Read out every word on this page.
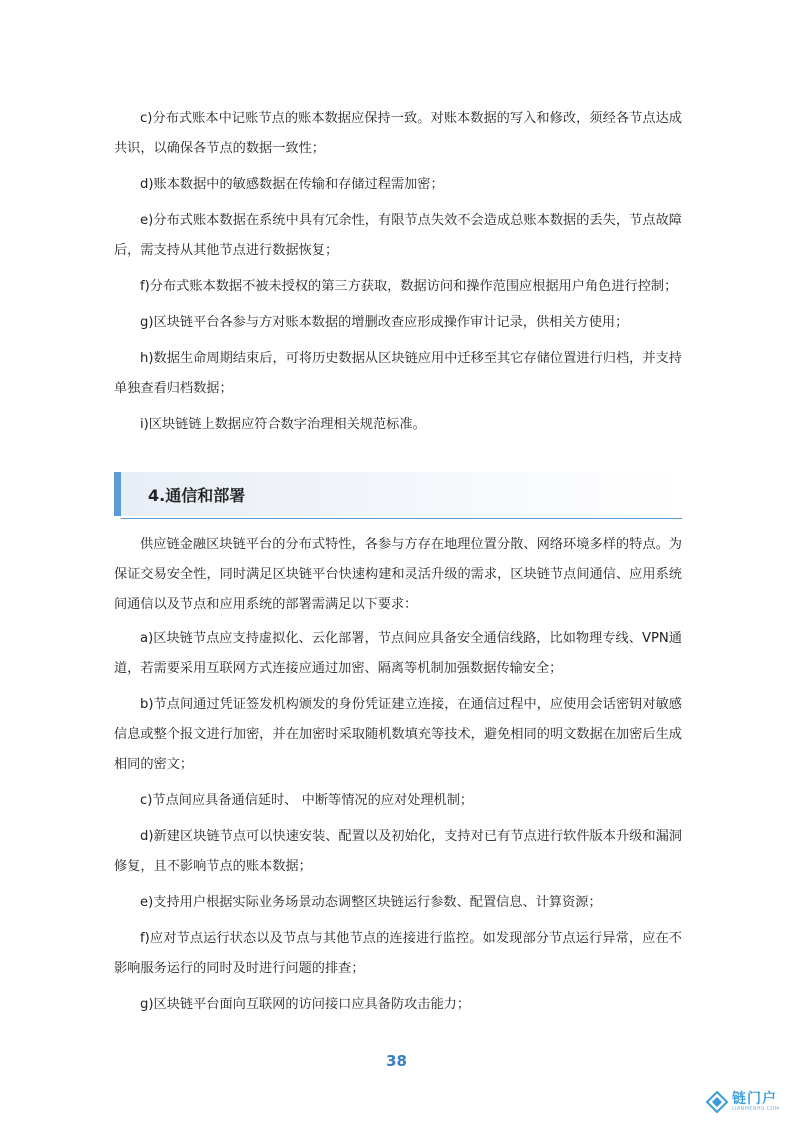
c)分布式账本中记账节点的账本数据应保持一致。对账本数据的写入和修改，须经各节点达成共识，以确保各节点的数据一致性；

d)账本数据中的敏感数据在传输和存储过程需加密；

e)分布式账本数据在系统中具有冗余性，有限节点失效不会造成总账本数据的丢失，节点故障后，需支持从其他节点进行数据恢复；

f)分布式账本数据不被未授权的第三方获取，数据访问和操作范围应根据用户角色进行控制；

g)区块链平台各参与方对账本数据的增删改查应形成操作审计记录，供相关方使用；

h)数据生命周期结束后，可将历史数据从区块链应用中迁移至其它存储位置进行归档，并支持单独查看归档数据；

i)区块链链上数据应符合数字治理相关规范标准。

4.通信和部署

供应链金融区块链平台的分布式特性，各参与方存在地理位置分散、网络环境多样的特点。为保证交易安全性，同时满足区块链平台快速构建和灵活升级的需求，区块链节点间通信、应用系统间通信以及节点和应用系统的部署需满足以下要求：

a)区块链节点应支持虚拟化、云化部署，节点间应具备安全通信线路，比如物理专线、VPN通道，若需要采用互联网方式连接应通过加密、隔离等机制加强数据传输安全；

b)节点间通过凭证签发机构颁发的身份凭证建立连接，在通信过程中，应使用会话密钥对敏感信息或整个报文进行加密，并在加密时采取随机数填充等技术，避免相同的明文数据在加密后生成相同的密文；

c)节点间应具备通信延时、 中断等情况的应对处理机制；

d)新建区块链节点可以快速安装、配置以及初始化，支持对已有节点进行软件版本升级和漏洞修复，且不影响节点的账本数据；

e)支持用户根据实际业务场景动态调整区块链运行参数、配置信息、计算资源；

f)应对节点运行状态以及节点与其他节点的连接进行监控。如发现部分节点运行异常，应在不影响服务运行的同时及时进行问题的排查；

g)区块链平台面向互联网的访问接口应具备防攻击能力；

38
链门户
LIANMENHU.COM
